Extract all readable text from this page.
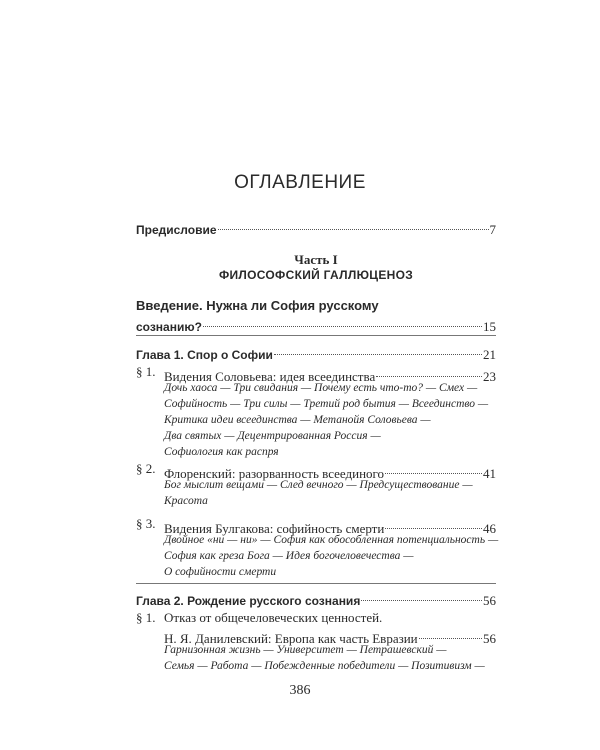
ОГЛАВЛЕНИЕ
Предисловие	7
Часть I
ФИЛОСОФСКИЙ ГАЛЛЮЦЕНОЗ
Введение. Нужна ли София русскому
сознанию?	15
Глава 1. Спор о Софии	21
§ 1. Видения Соловьева: идея всеединства	23
Дочь хаоса — Три свидания — Почему есть что-то? — Смех —
Софийность — Три силы — Третий род бытия — Всеединство —
Критика идеи всеединства — Метанойя Соловьева —
Два святых — Децентрированная Россия —
Софиология как распря
§ 2. Флоренский: разорванность всеединого	41
Бог мыслит вещами — След вечного — Предсуществование —
Красота
§ 3. Видения Булгакова: софийность смерти	46
Двойное «ни — ни» — София как обособленная потенциальность —
София как греза Бога — Идея богочеловечества —
О софийности смерти
Глава 2. Рождение русского сознания	56
§ 1. Отказ от общечеловеческих ценностей.
Н. Я. Данилевский: Европа как часть Евразии	56
Гарнизонная жизнь — Университет — Петрашевский —
Семья — Работа — Побежденные победители — Позитивизм —
386
